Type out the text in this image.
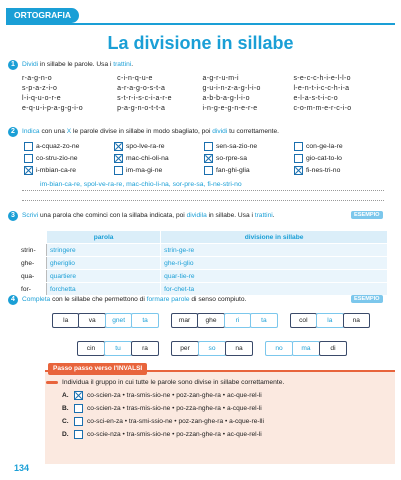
ORTOGRAFIA
La divisione in sillabe
1	Dividi in sillabe le parole. Usa i trattini.
r-a-g-n-o	c-i-n-q-u-e	a-g-r-u-m-i	s-e-c-c-h-i-e-l-l-o
s-p-a-z-i-o	a-r-a-g-o-s-t-a	g-u-i-n-z-a-g-l-i-o	l-e-n-t-i-c-c-h-i-a
l-i-q-u-o-r-e	s-t-r-i-s-c-i-a-r-e	a-b-b-a-g-l-i-o	e-l-a-s-t-i-c-o
e-q-u-i-p-a-g-g-i-o	p-a-g-n-o-t-t-a	i-n-g-e-g-n-e-r-e	c-o-m-m-e-r-c-i-o
2	Indica con una X le parole divise in sillabe in modo sbagliato, poi dividi tu correttamente.
a-cquaz-zo-ne	spo-lve-ra-re	sen-sa-zio-ne	con-ge-la-re
co-stru-zio-ne	mac-chi-oli-na	so-rpre-sa	gio-cat-to-lo
i-mbian-ca-re	im-ma-gi-ne	fan-ghi-glia	fi-nes-tri-no
im-bian-ca-re, spol-ve-ra-re, mac-chio-li-na, sor-pre-sa, fi-ne-stri-no
3	Scrivi una parola che cominci con la sillaba indicata, poi dividila in sillabe. Usa i trattini.	ESEMPIO
	parola	divisione in sillabe
strin-	stringere	strin-ge-re
ghe-	gheriglio	ghe-ri-glio
qua-	quartiere	quar-tie-re
for-	forchetta	for-chet-ta
4	Completa con le sillabe che permettono di formare parole di senso compiuto.	ESEMPIO
la	va	gnet	ta	mar	ghe	ri	ta	col	la	na
cin	tu	ra	per	so	na	no	ma	di
Passo passo verso l'INVALSI
Individua il gruppo in cui tutte le parole sono divise in sillabe correttamente.
A.	co-scien-za • tra-smis-sio-ne • poz-zan-ghe-ra • ac-que-rel-li
B.	co-scien-za • tras-mis-sio-ne • po-zza-nghe-ra • a-cque-rel-li
C.	co-sci-en-za • tra-smi-ssio-ne • poz-zan-ghe-ra • a-cque-re-lli
D.	co-scie-nza • tra-smis-sio-ne • po-zzan-ghe-ra • ac-que-rel-li
134
